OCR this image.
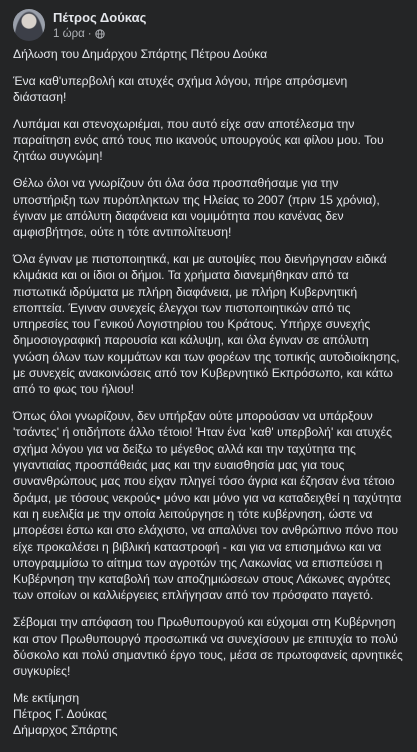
Πέτρος Δούκας
1 ώρα ·

Δήλωση του Δημάρχου Σπάρτης Πέτρου Δούκα

Ένα καθ'υπερβολή και ατυχές σχήμα λόγου, πήρε απρόσμενη διάσταση!

Λυπάμαι και στενοχωριέμαι, που αυτό είχε σαν αποτέλεσμα την παραίτηση ενός από τους πιο ικανούς υπουργούς και φίλου μου. Του ζητάω συγνώμη!

Θέλω όλοι να γνωρίζουν ότι όλα όσα προσπαθήσαμε για την υποστήριξη των πυρόπληκτων της Ηλείας το 2007 (πριν 15 χρόνια), έγιναν με απόλυτη διαφάνεια και νομιμότητα που κανένας δεν αμφισβήτησε, ούτε η τότε αντιπολίτευση!

Όλα έγιναν με πιστοποιητικά, και με αυτοψίες που διενήργησαν ειδικά κλιμάκια και οι ίδιοι οι δήμοι. Τα χρήματα διανεμήθηκαν από τα πιστωτικά ιδρύματα με πλήρη διαφάνεια, με πλήρη Κυβερνητική εποπτεία. Έγιναν συνεχείς έλεγχοι των πιστοποιητικών από τις υπηρεσίες του Γενικού Λογιστηρίου του Κράτους. Υπήρχε συνεχής δημοσιογραφική παρουσία και κάλυψη, και όλα έγιναν σε απόλυτη γνώση όλων των κομμάτων και των φορέων της τοπικής αυτοδιοίκησης, με συνεχείς ανακοινώσεις από τον Κυβερνητικό Εκπρόσωπο, και κάτω από το φως του ήλιου!

Όπως όλοι γνωρίζουν, δεν υπήρξαν ούτε μπορούσαν να υπάρξουν 'τσάντες' ή οτιδήποτε άλλο τέτοιο! Ήταν ένα 'καθ' υπερβολή' και ατυχές σχήμα λόγου για να δείξω το μέγεθος αλλά και την ταχύτητα της γιγαντιαίας προσπάθειάς μας και την ευαισθησία μας για τους συνανθρώπους μας που είχαν πληγεί τόσο άγρια και έζησαν ένα τέτοιο δράμα, με τόσους νεκρούς• μόνο και μόνο για να καταδειχθεί η ταχύτητα και η ευελιξία με την οποία λειτούργησε η τότε κυβέρνηση, ώστε να μπορέσει έστω και στο ελάχιστο, να απαλύνει τον ανθρώπινο πόνο που είχε προκαλέσει η βιβλική καταστροφή - και για να επισημάνω και να υπογραμμίσω το αίτημα των αγροτών της Λακωνίας να επισπεύσει η Κυβέρνηση την καταβολή των αποζημιώσεων στους Λάκωνες αγρότες των οποίων οι καλλιέργειες επλήγησαν από τον πρόσφατο παγετό.

Σέβομαι την απόφαση του Πρωθυπουργού και εύχομαι στη Κυβέρνηση και στον Πρωθυπουργό προσωπικά να συνεχίσουν με επιτυχία το πολύ δύσκολο και πολύ σημαντικό έργο τους, μέσα σε πρωτοφανείς αρνητικές συγκυρίες!

Με εκτίμηση
Πέτρος Γ. Δούκας
Δήμαρχος Σπάρτης
